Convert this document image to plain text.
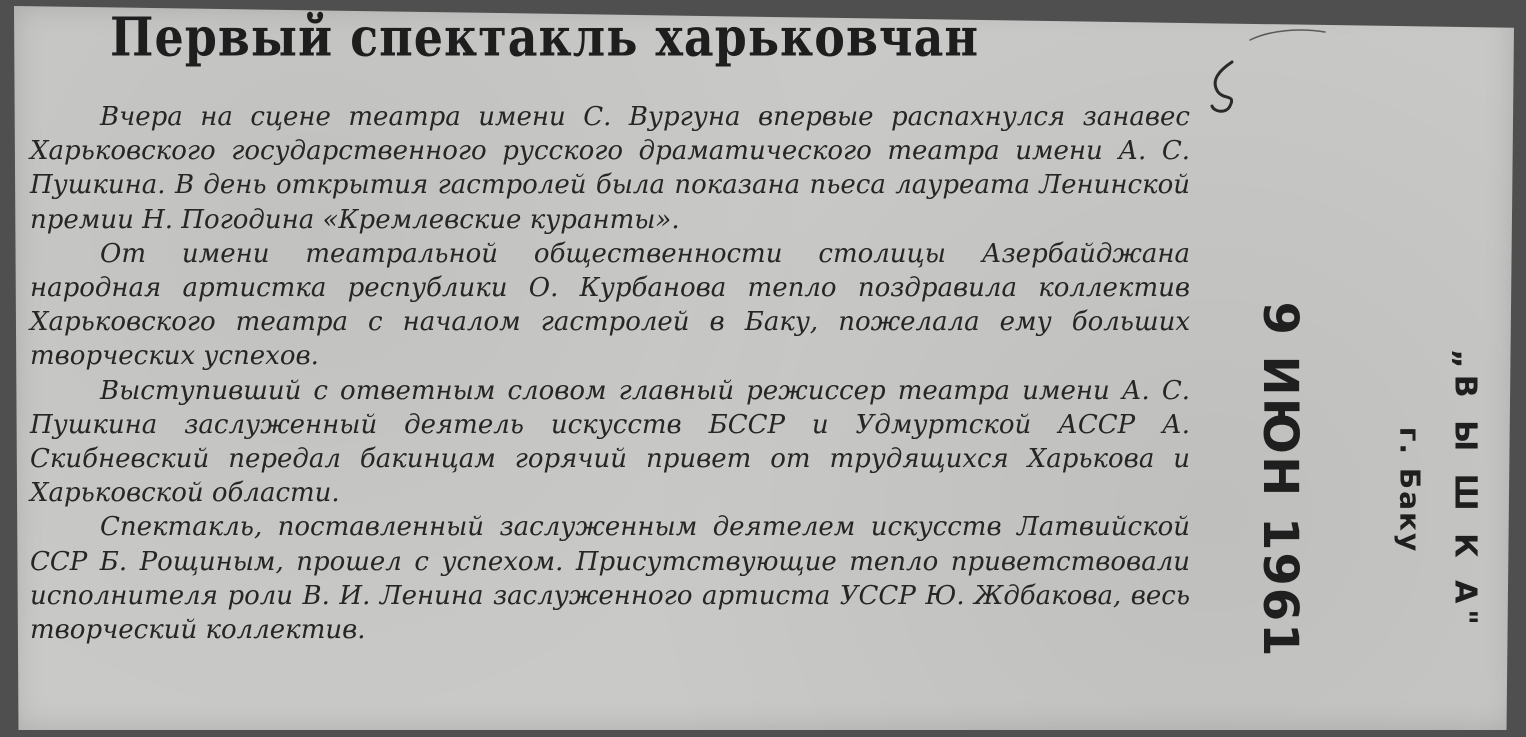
Первый спектакль харьковчан

Вчера на сцене театра имени С. Вургуна впервые распахнулся занавес Харьковского государственного русского драматического театра имени А. С. Пушкина. В день открытия гастролей была показана пьеса лауреата Ленинской премии Н. Погодина «Кремлевские куранты».

От имени театральной общественности столицы Азербайджана народная артистка республики О. Курбанова тепло поздравила коллектив Харьковского театра с началом гастролей в Баку, пожелала ему больших творческих успехов.

Выступивший с ответным словом главный режиссер театра имени А. С. Пушкина заслуженный деятель искусств БССР и Удмуртской АССР А. Скибневский передал бакинцам горячий привет от трудящихся Харькова и Харьковской области.

Спектакль, поставленный заслуженным деятелем искусств Латвийской ССР Б. Рощиным, прошел с успехом. Присутствующие тепло приветствовали исполнителя роли В. И. Ленина заслуженного артиста УССР Ю. Ждбакова, весь творческий коллектив.	9 ИЮН 1961	г. Баку „В Ы Ш К А"
